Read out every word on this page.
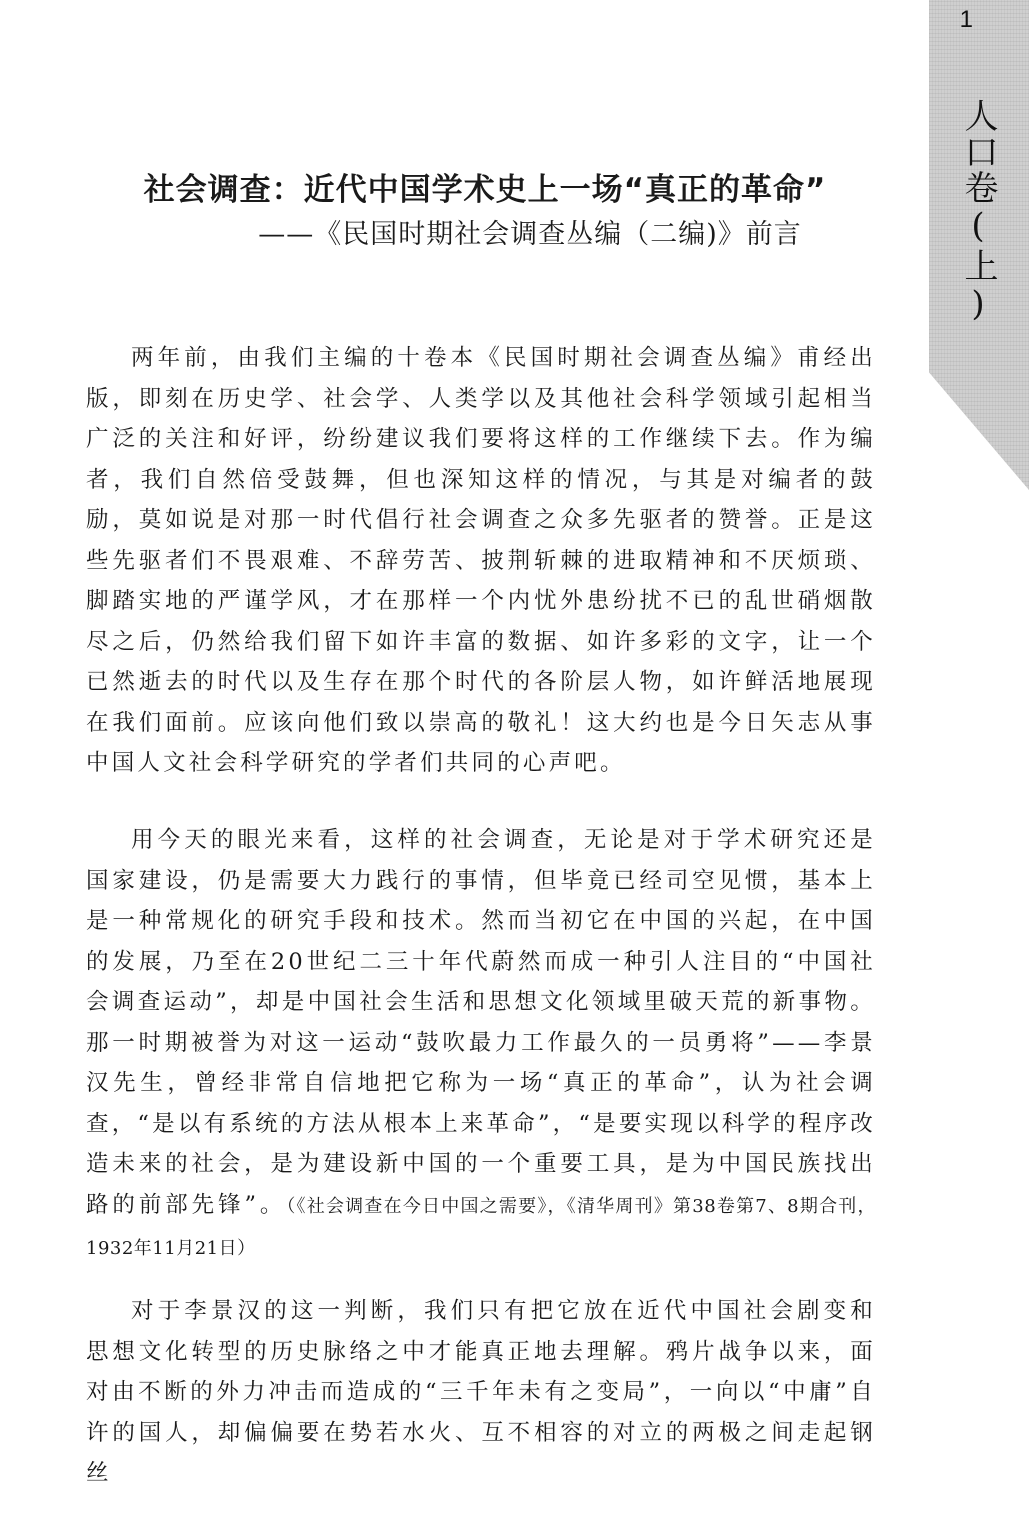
1
人口卷(上)
社会调查：近代中国学术史上一场“真正的革命”
——《民国时期社会调查丛编（二编)》前言

两年前，由我们主编的十卷本《民国时期社会调查丛编》甫经出版，即刻在历史学、社会学、人类学以及其他社会科学领域引起相当广泛的关注和好评，纷纷建议我们要将这样的工作继续下去。作为编者，我们自然倍受鼓舞，但也深知这样的情况，与其是对编者的鼓励，莫如说是对那一时代倡行社会调查之众多先驱者的赞誉。正是这些先驱者们不畏艰难、不辞劳苦、披荆斩棘的进取精神和不厌烦琐、脚踏实地的严谨学风，才在那样一个内忧外患纷扰不已的乱世硝烟散尽之后，仍然给我们留下如许丰富的数据、如许多彩的文字，让一个已然逝去的时代以及生存在那个时代的各阶层人物，如许鲜活地展现在我们面前。应该向他们致以崇高的敬礼！这大约也是今日矢志从事中国人文社会科学研究的学者们共同的心声吧。

用今天的眼光来看，这样的社会调查，无论是对于学术研究还是国家建设，仍是需要大力践行的事情，但毕竟已经司空见惯，基本上是一种常规化的研究手段和技术。然而当初它在中国的兴起，在中国的发展，乃至在20世纪二三十年代蔚然而成一种引人注目的“中国社会调查运动”，却是中国社会生活和思想文化领域里破天荒的新事物。那一时期被誉为对这一运动“鼓吹最力工作最久的一员勇将”——李景汉先生，曾经非常自信地把它称为一场“真正的革命”，认为社会调查，“是以有系统的方法从根本上来革命”，“是要实现以科学的程序改造未来的社会，是为建设新中国的一个重要工具，是为中国民族找出路的前部先锋”。（《社会调查在今日中国之需要》，《清华周刊》第38卷第7、8期合刊，1932年11月21日）

对于李景汉的这一判断，我们只有把它放在近代中国社会剧变和思想文化转型的历史脉络之中才能真正地去理解。鸦片战争以来，面对由不断的外力冲击而造成的“三千年未有之变局”，一向以“中庸”自许的国人，却偏偏要在势若水火、互不相容的对立的两极之间走起钢丝
